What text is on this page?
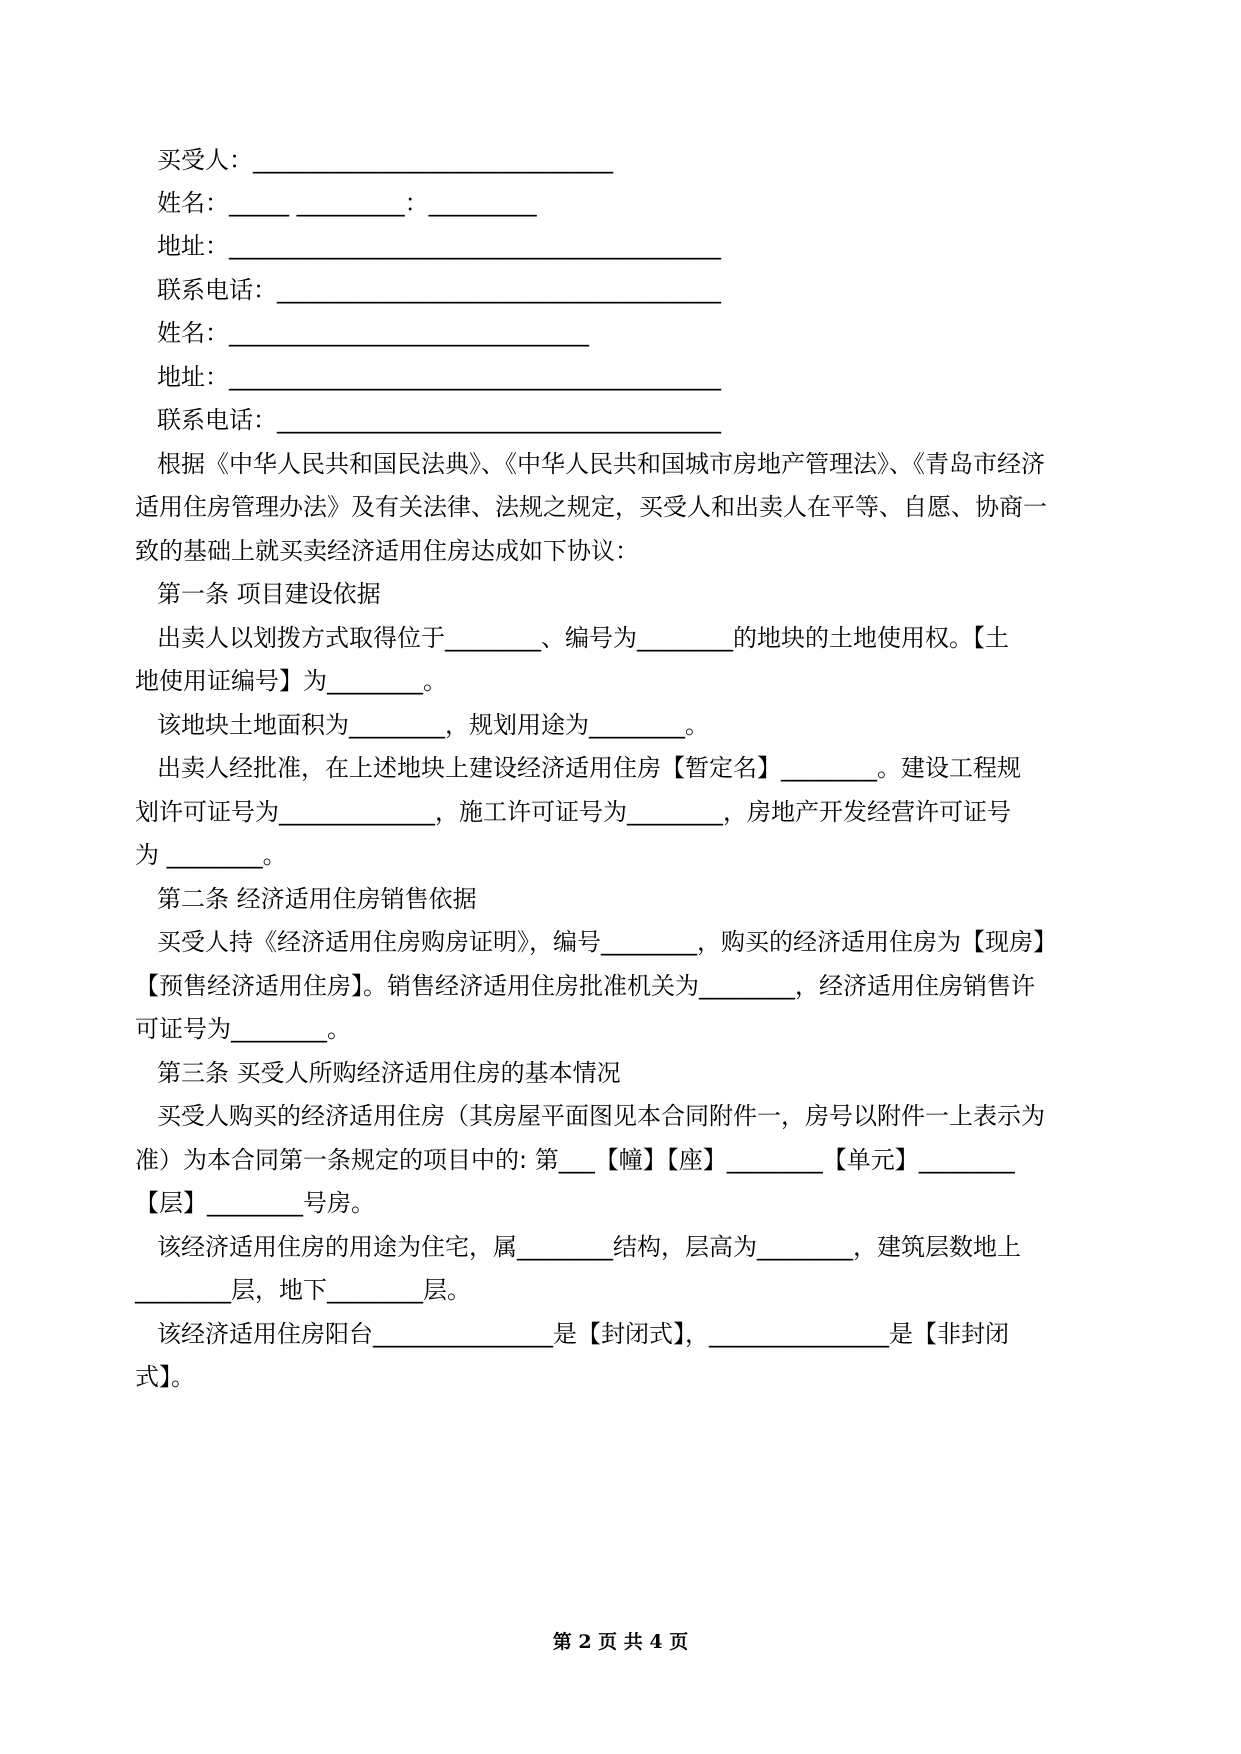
买受人：______________________________
姓名：_____ _________：_________
地址：_________________________________________
联系电话：_____________________________________
姓名：______________________________
地址：_________________________________________
联系电话：_____________________________________
根据《中华人民共和国民法典》、《中华人民共和国城市房地产管理法》、《青岛市经济
适用住房管理办法》及有关法律、法规之规定，买受人和出卖人在平等、自愿、协商一
致的基础上就买卖经济适用住房达成如下协议：
第一条 项目建设依据
出卖人以划拨方式取得位于________、编号为________的地块的土地使用权。【土
地使用证编号】为________。
该地块土地面积为________，规划用途为________。
出卖人经批准，在上述地块上建设经济适用住房【暂定名】________。建设工程规
划许可证号为_____________，施工许可证号为________，房地产开发经营许可证号
为 ________。
第二条 经济适用住房销售依据
买受人持《经济适用住房购房证明》，编号________，购买的经济适用住房为【现房】
【预售经济适用住房】。销售经济适用住房批准机关为________，经济适用住房销售许
可证号为________。
第三条 买受人所购经济适用住房的基本情况
买受人购买的经济适用住房（其房屋平面图见本合同附件一，房号以附件一上表示为
准）为本合同第一条规定的项目中的: 第___【幢】【座】________【单元】________
【层】________号房。
该经济适用住房的用途为住宅，属________结构，层高为________，建筑层数地上
________层，地下________层。
该经济适用住房阳台_______________是【封闭式】，_______________是【非封闭
式】。
第 2 页 共 4 页
